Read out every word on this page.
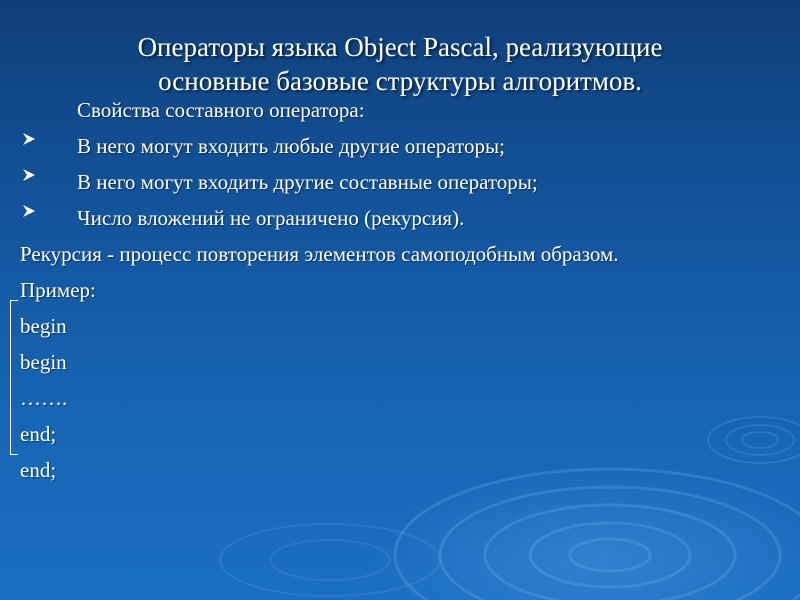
Операторы языка Object Pascal, реализующие
основные базовые структуры алгоритмов.
Свойства составного оператора:
В него могут входить любые другие операторы;
В него могут входить другие составные операторы;
Число вложений не ограничено (рекурсия).
Рекурсия - процесс повторения элементов самоподобным образом.
Пример:
begin
begin
…….
end;
end;
